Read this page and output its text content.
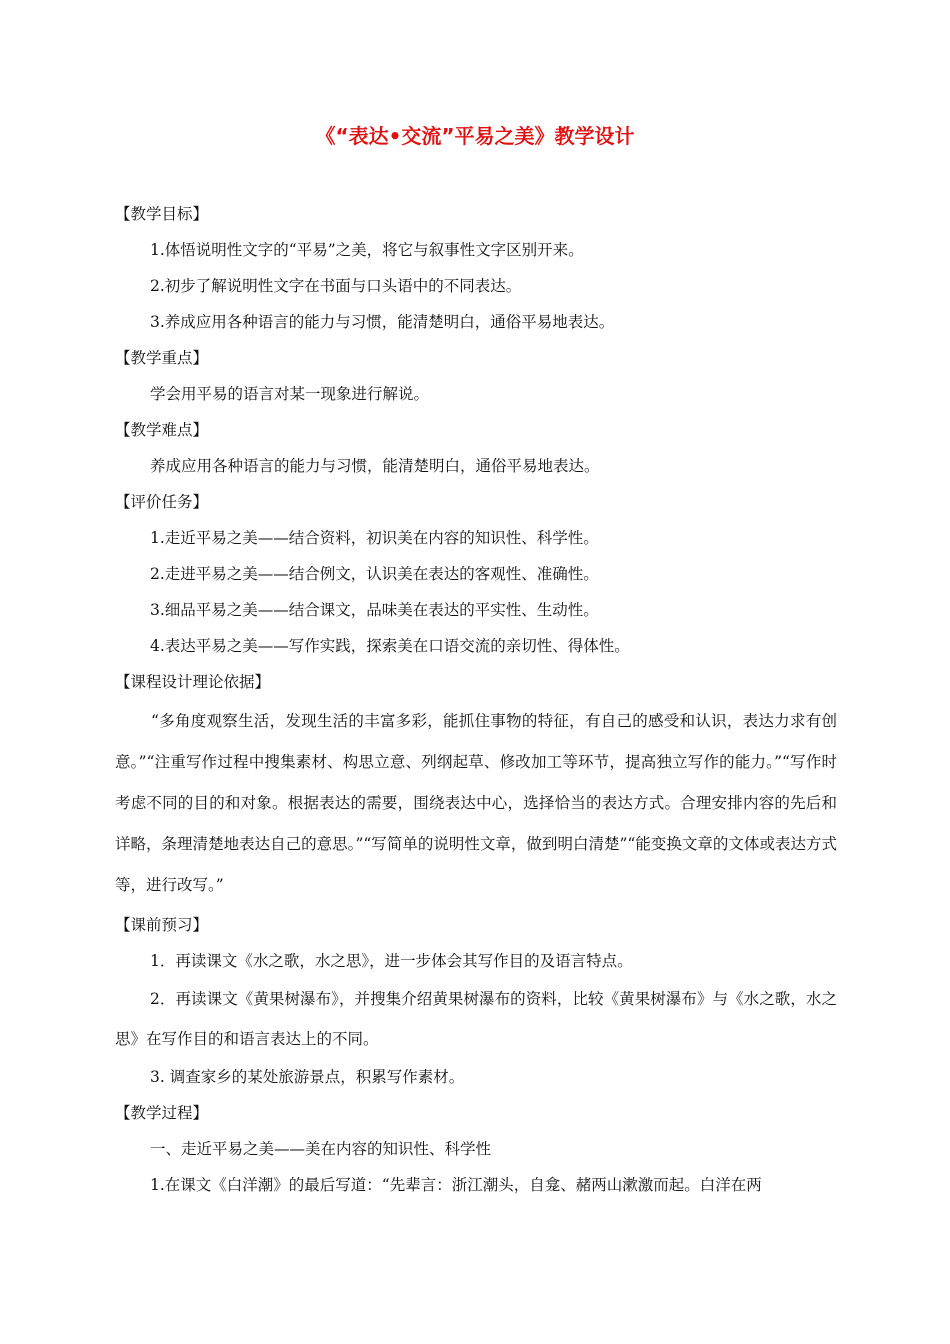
《“表达•交流”平易之美》教学设计
【教学目标】
1.体悟说明性文字的“平易”之美，将它与叙事性文字区别开来。
2.初步了解说明性文字在书面与口头语中的不同表达。
3.养成应用各种语言的能力与习惯，能清楚明白，通俗平易地表达。
【教学重点】
学会用平易的语言对某一现象进行解说。
【教学难点】
养成应用各种语言的能力与习惯，能清楚明白，通俗平易地表达。
【评价任务】
1.走近平易之美——结合资料，初识美在内容的知识性、科学性。
2.走进平易之美——结合例文，认识美在表达的客观性、准确性。
3.细品平易之美——结合课文，品味美在表达的平实性、生动性。
4.表达平易之美——写作实践，探索美在口语交流的亲切性、得体性。
【课程设计理论依据】
“多角度观察生活，发现生活的丰富多彩，能抓住事物的特征，有自己的感受和认识，表达力求有创意。”“注重写作过程中搜集素材、构思立意、列纲起草、修改加工等环节，提高独立写作的能力。”“写作时考虑不同的目的和对象。根据表达的需要，围绕表达中心，选择恰当的表达方式。合理安排内容的先后和详略，条理清楚地表达自己的意思。”“写简单的说明性文章，做到明白清楚”“能变换文章的文体或表达方式等，进行改写。”
【课前预习】
1．再读课文《水之歌，水之思》，进一步体会其写作目的及语言特点。
2．再读课文《黄果树瀑布》，并搜集介绍黄果树瀑布的资料，比较《黄果树瀑布》与《水之歌，水之思》在写作目的和语言表达上的不同。
3. 调查家乡的某处旅游景点，积累写作素材。
【教学过程】
一、走近平易之美——美在内容的知识性、科学性
1.在课文《白洋潮》的最后写道：“先辈言：浙江潮头，自龛、赭两山漱激而起。白洋在两
